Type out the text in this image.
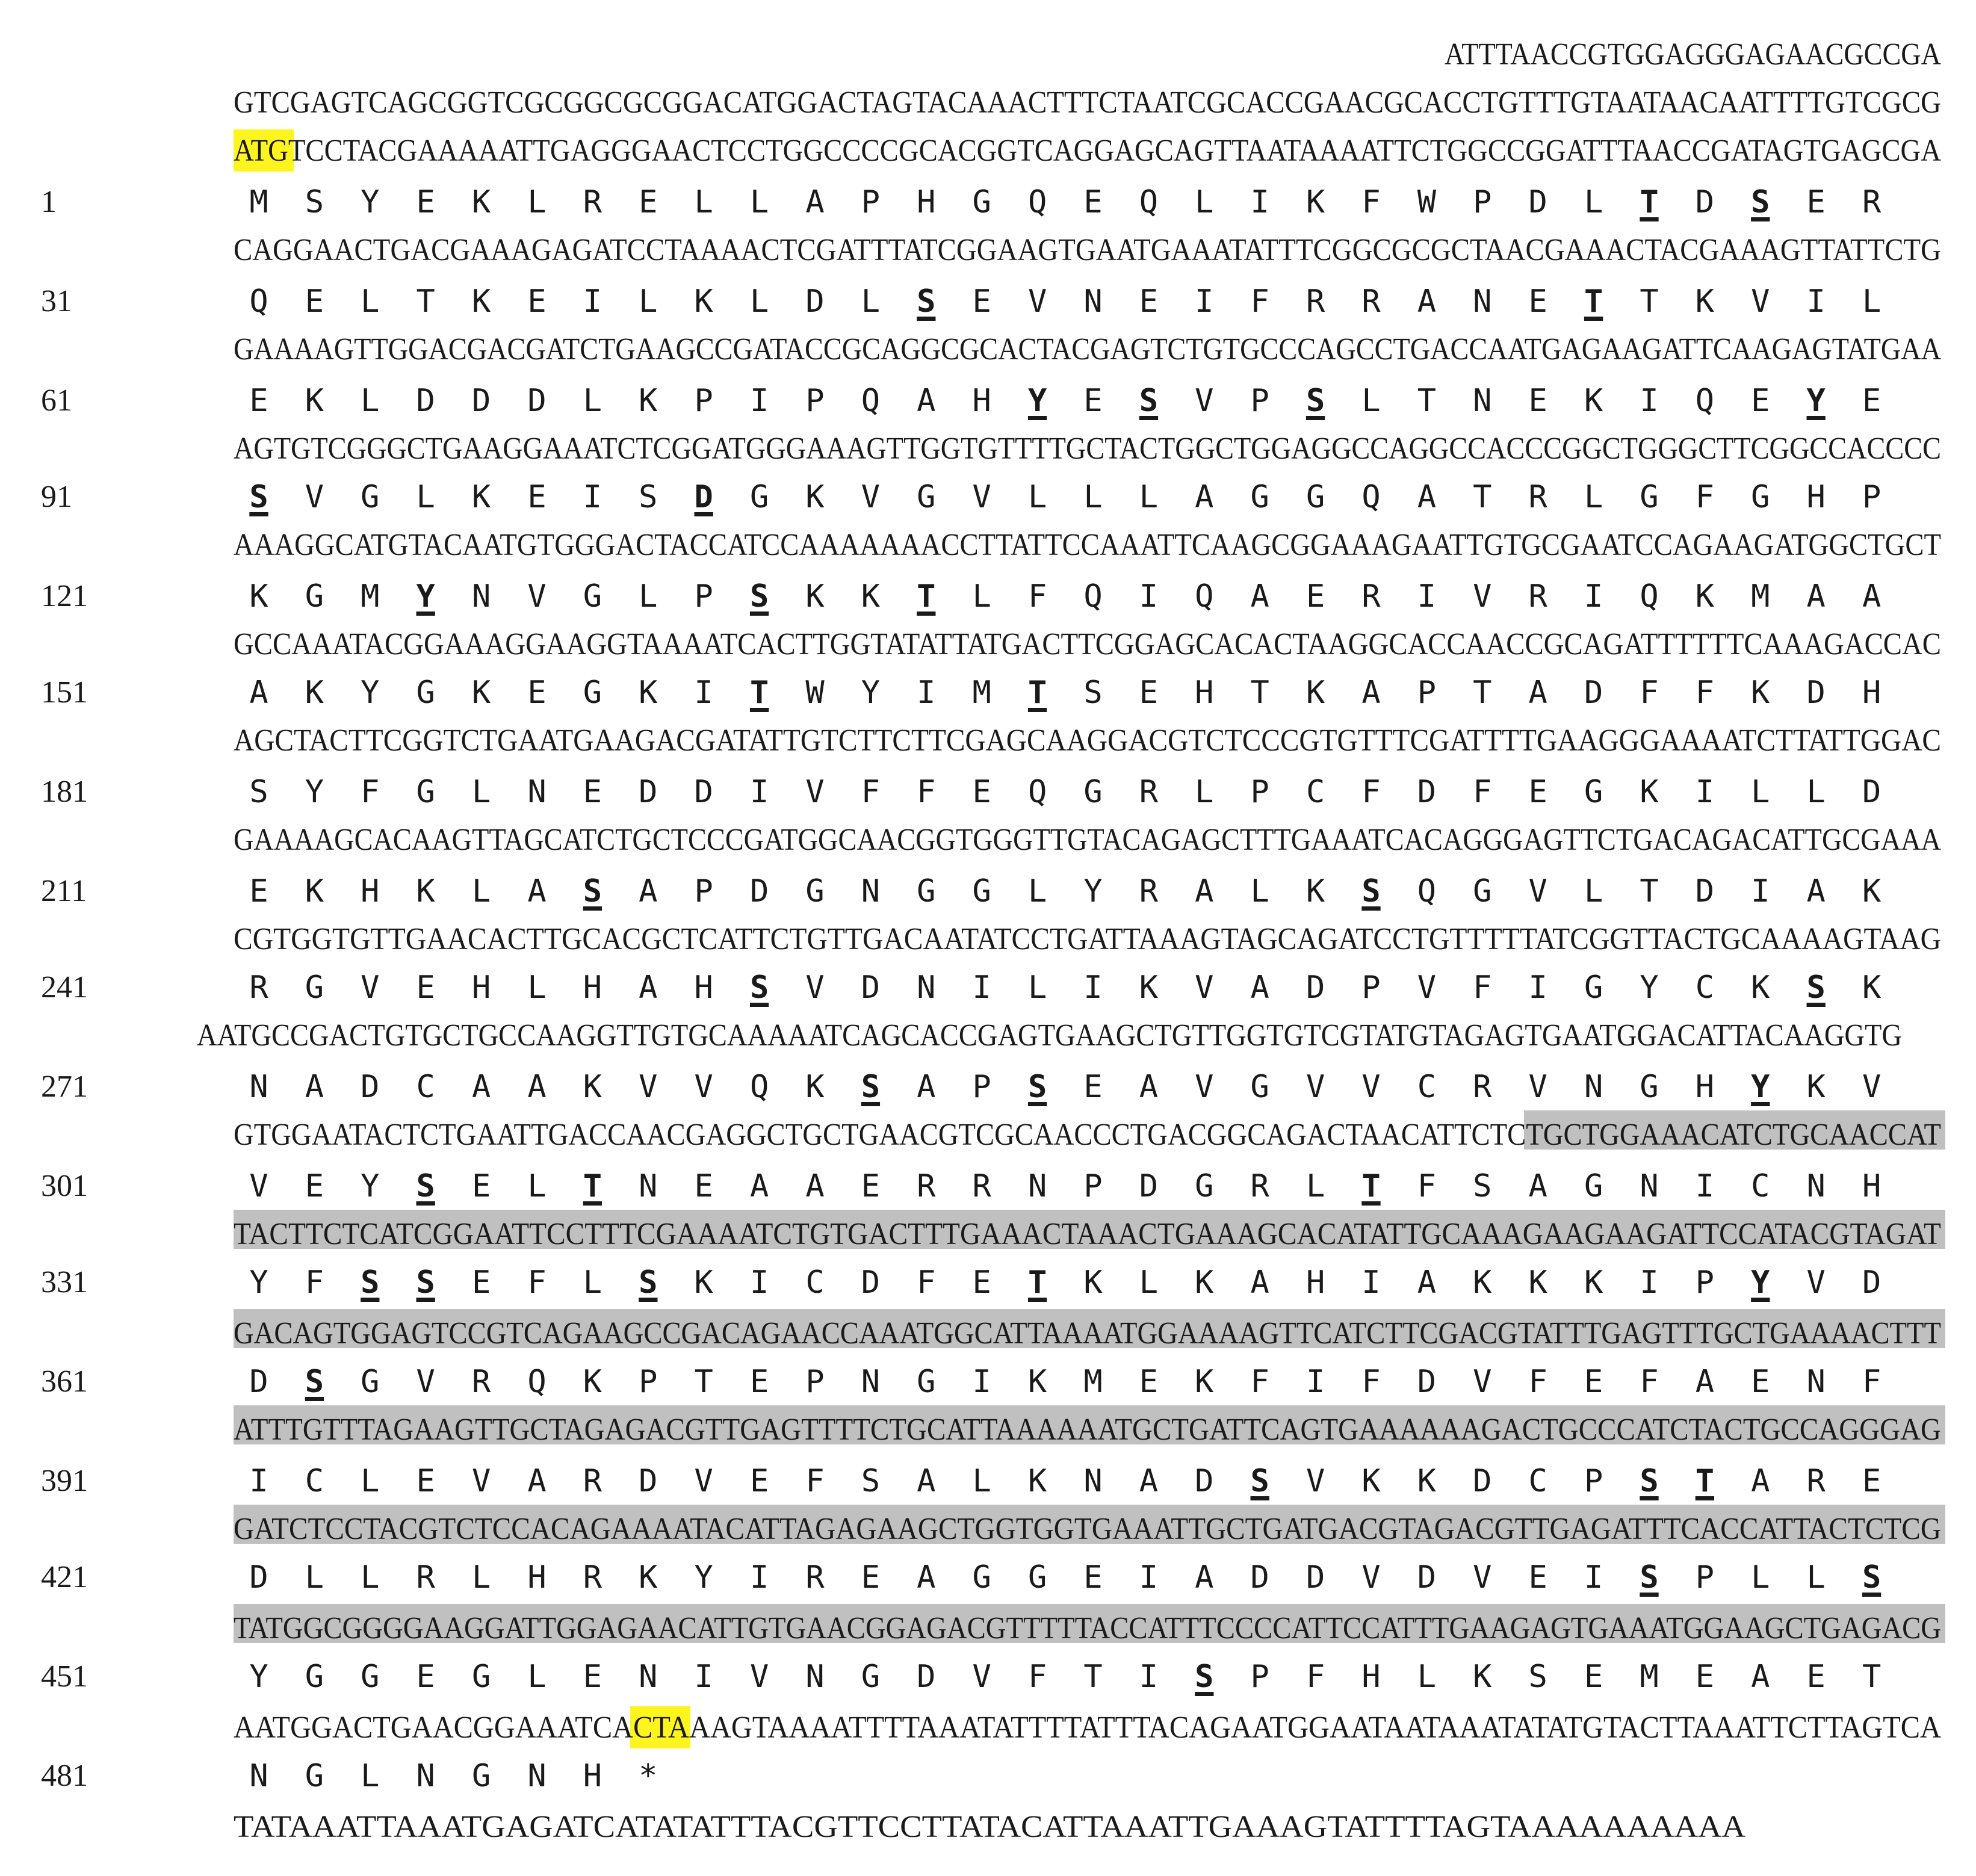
ATTTAACCGTGGAGGGAGAACGCCGA
GTCGAGTCAGCGGTCGCGGCGCGGACATGGACTAGTACAAACTTTCTAATCGCACCGAACGCACCTGTTTGTAATAACAATTTTGTCGCG
ATGTCCTACGAAAAATTGAGGGAACTCCTGGCCCCGCACGGTCAGGAGCAGTTAATAAAATTCTGGCCGGATTTAACCGATAGTGAGCGA
CAGGAACTGACGAAAGAGATCCTAAAACTCGATTTATCGGAAGTGAATGAAATATTTCGGCGCGCTAACGAAACTACGAAAGTTATTCTG
GAAAAGTTGGACGACGATCTGAAGCCGATACCGCAGGCGCACTACGAGTCTGTGCCCAGCCTGACCAATGAGAAGATTCAAGAGTATGAA
AGTGTCGGGCTGAAGGAAATCTCGGATGGGAAAGTTGGTGTTTTGCTACTGGCTGGAGGCCAGGCCACCCGGCTGGGCTTCGGCCACCCC
AAAGGCATGTACAATGTGGGACTACCATCCAAAAAAACCTTATTCCAAATTCAAGCGGAAAGAATTGTGCGAATCCAGAAGATGGCTGCT
GCCAAATACGGAAAGGAAGGTAAAATCACTTGGTATATTATGACTTCGGAGCACACTAAGGCACCAACCGCAGATTTTTTCAAAGACCAC
AGCTACTTCGGTCTGAATGAAGACGATATTGTCTTCTTCGAGCAAGGACGTCTCCCGTGTTTCGATTTTGAAGGGAAAATCTTATTGGAC
GAAAAGCACAAGTTAGCATCTGCTCCCGATGGCAACGGTGGGTTGTACAGAGCTTTGAAATCACAGGGAGTTCTGACAGACATTGCGAAA
CGTGGTGTTGAACACTTGCACGCTCATTCTGTTGACAATATCCTGATTAAAGTAGCAGATCCTGTTTTTATCGGTTACTGCAAAAGTAAG
AATGCCGACTGTGCTGCCAAGGTTGTGCAAAAATCAGCACCGAGTGAAGCTGTTGGTGTCGTATGTAGAGTGAATGGACATTACAAGGTG
GTGGAATACTCTGAATTGACCAACGAGGCTGCTGAACGTCGCAACCCTGACGGCAGACTAACATTCTCTGCTGGAAACATCTGCAACCAT
TACTTCTCATCGGAATTCCTTTCGAAAATCTGTGACTTTGAAACTAAACTGAAAGCACATATTGCAAAGAAGAAGATTCCATACGTAGAT
GACAGTGGAGTCCGTCAGAAGCCGACAGAACCAAATGGCATTAAAATGGAAAAGTTCATCTTCGACGTATTTGAGTTTGCTGAAAACTTT
ATTTGTTTAGAAGTTGCTAGAGACGTTGAGTTTTCTGCATTAAAAAATGCTGATTCAGTGAAAAAAGACTGCCCATCTACTGCCAGGGAG
GATCTCCTACGTCTCCACAGAAAATACATTAGAGAAGCTGGTGGTGAAATTGCTGATGACGTAGACGTTGAGATTTCACCATTACTCTCG
TATGGCGGGGAAGGATTGGAGAACATTGTGAACGGAGACGTTTTTACCATTTCCCCATTCCATTTGAAGAGTGAAATGGAAGCTGAGACG
AATGGACTGAACGGAAATCACTAAAGTAAAATTTTAAATATTTTATTTACAGAATGGAATAATAAATATATGTACTTAAATTCTTAGTCA
TATAAATTAAATGAGATCATATATTTACGTTCCTTATACATTAAATTGAAAGTATTTTAGTAAAAAAAAAA
1	M S Y E K L R E L L A P H G Q E Q L I K F W P D L T D S E R
31	Q E L T K E I L K L D L S E V N E I F R R A N E T T K V I L
61	E K L D D D L K P I P Q A H Y E S V P S L T N E K I Q E Y E
91	S V G L K E I S D G K V G V L L L A G G Q A T R L G F G H P
121	K G M Y N V G L P S K K T L F Q I Q A E R I V R I Q K M A A
151	A K Y G K E G K I T W Y I M T S E H T K A P T A D F F K D H
181	S Y F G L N E D D I V F F E Q G R L P C F D F E G K I L L D
211	E K H K L A S A P D G N G G L Y R A L K S Q G V L T D I A K
241	R G V E H L H A H S V D N I L I K V A D P V F I G Y C K S K
271	N A D C A A K V V Q K S A P S E A V G V V C R V N G H Y K V
301	V E Y S E L T N E A A E R R N P D G R L T F S A G N I C N H
331	Y F S S E F L S K I C D F E T K L K A H I A K K K I P Y V D
361	D S G V R Q K P T E P N G I K M E K F I F D V F E F A E N F
391	I C L E V A R D V E F S A L K N A D S V K K D C P S T A R E
421	D L L R L H R K Y I R E A G G E I A D D V D V E I S P L L S
451	Y G G E G L E N I V N G D V F T I S P F H L K S E M E A E T
481	N G L N G N H *
